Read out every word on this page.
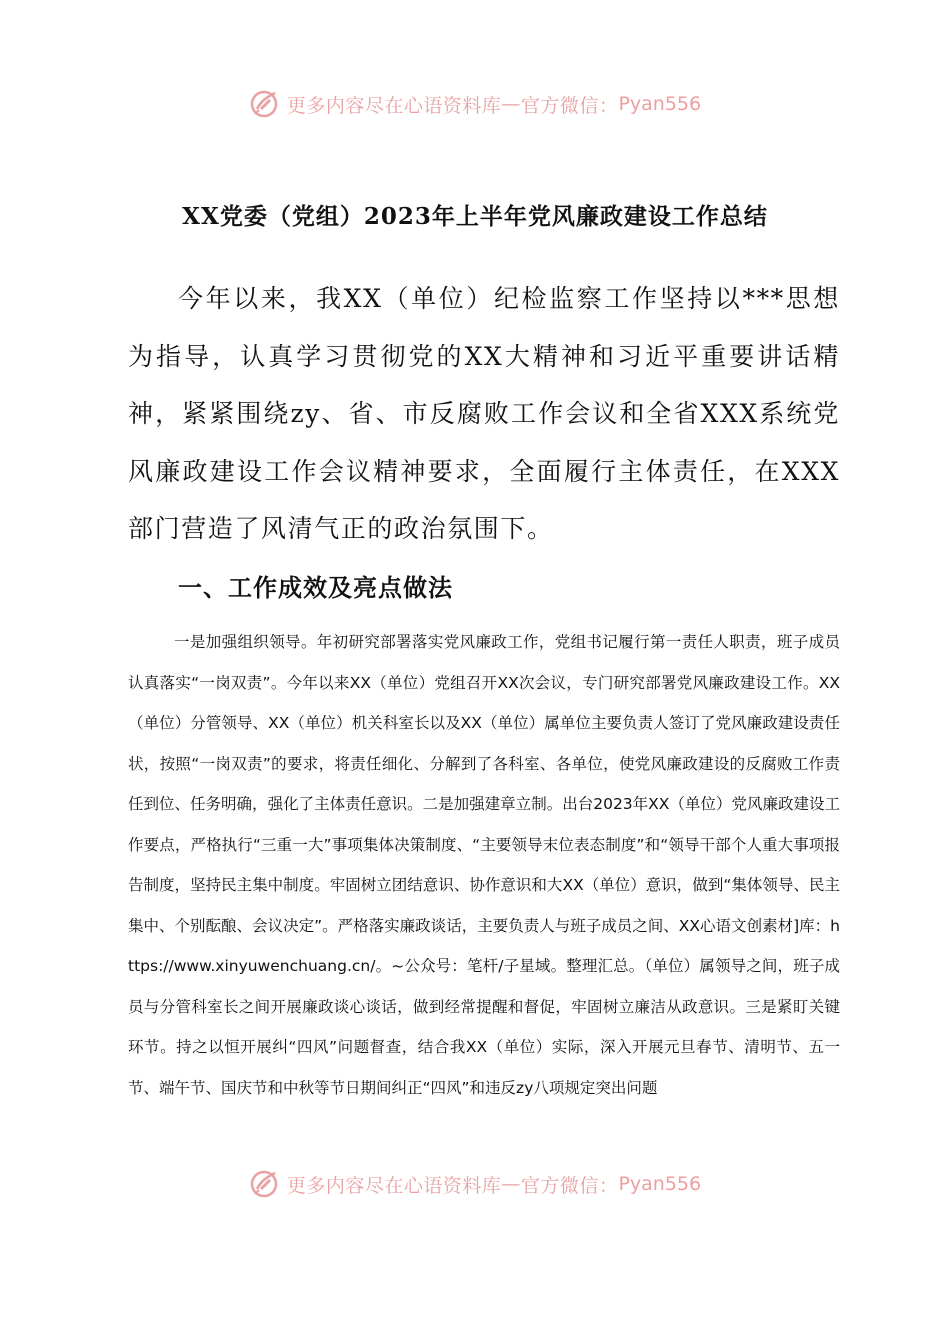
更多内容尽在心语资料库 — 官方微信： Pyan556
XX党委（党组）2023年上半年党风廉政建设工作总结

今年以来，我XX（单位）纪检监察工作坚持以***思想为指导，认真学习贯彻党的XX大精神和习近平重要讲话精神，紧紧围绕zy、省、市反腐败工作会议和全省XXX系统党风廉政建设工作会议精神要求，全面履行主体责任，在XXX部门营造了风清气正的政治氛围下。

一、工作成效及亮点做法

一是加强组织领导。年初研究部署落实党风廉政工作，党组书记履行第一责任人职责，班子成员认真落实“一岗双责”。今年以来XX（单位）党组召开XX次会议，专门研究部署党风廉政建设工作。XX（单位）分管领导、XX（单位）机关科室长以及XX（单位）属单位主要负责人签订了党风廉政建设责任状，按照“一岗双责”的要求，将责任细化、分解到了各科室、各单位，使党风廉政建设的反腐败工作责任到位、任务明确，强化了主体责任意识。二是加强建章立制。出台2023年XX（单位）党风廉政建设工作要点，严格执行“三重一大”事项集体决策制度、“主要领导末位表态制度”和“领导干部个人重大事项报告制度，坚持民主集中制度。牢固树立团结意识、协作意识和大XX（单位）意识，做到“集体领导、民主集中、个别酝酿、会议决定”。严格落实廉政谈话，主要负责人与班子成员之间、XX心语文创素材]库：https://www.xinyuwenchuang.cn/。~公众号：笔杆/子星域。整理汇总。（单位）属领导之间，班子成员与分管科室长之间开展廉政谈心谈话，做到经常提醒和督促，牢固树立廉洁从政意识。三是紧盯关键环节。持之以恒开展纠“四风”问题督查，结合我XX（单位）实际，深入开展元旦春节、清明节、五一节、端午节、国庆节和中秋等节日期间纠正“四风”和违反zy八项规定突出问题

更多内容尽在心语资料库 — 官方微信： Pyan556
